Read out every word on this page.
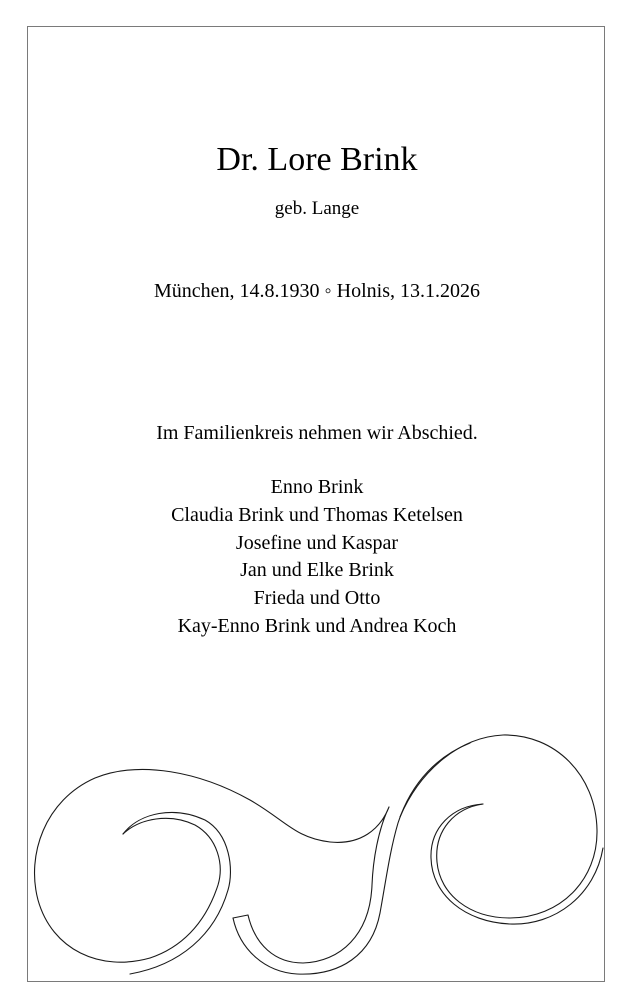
Dr. Lore Brink
geb. Lange
München, 14.8.1930 ◦ Holnis, 13.1.2026
Im Familienkreis nehmen wir Abschied.
Enno Brink
Claudia Brink und Thomas Ketelsen
Josefine und Kaspar
Jan und Elke Brink
Frieda und Otto
Kay-Enno Brink und Andrea Koch
